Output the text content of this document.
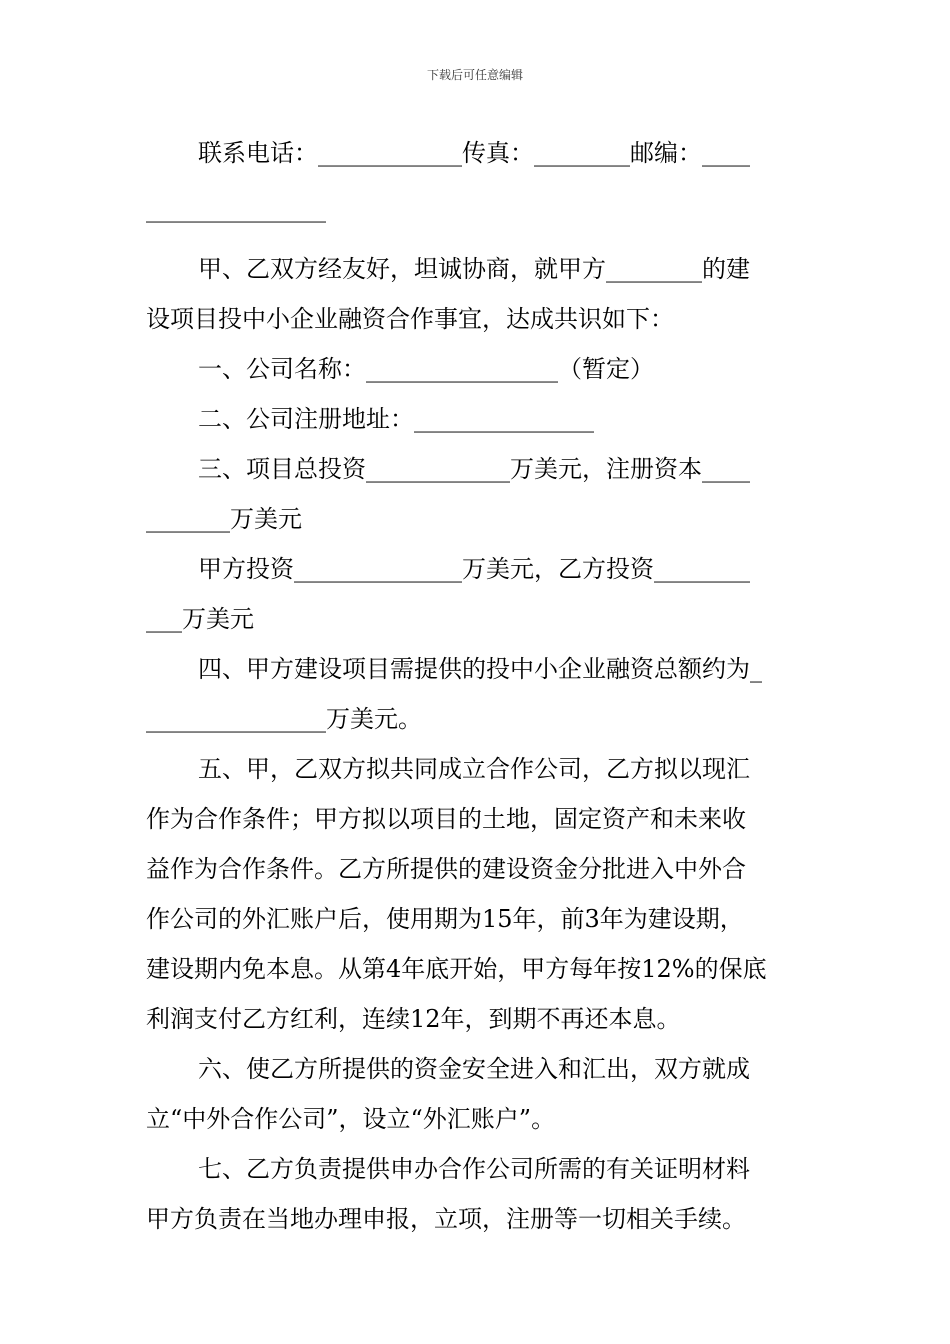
下载后可任意编辑

联系电话：____________传真：________邮编：____

_______________

甲、乙双方经友好，坦诚协商，就甲方________的建

设项目投中小企业融资合作事宜，达成共识如下：

一、公司名称：________________（暂定）

二、公司注册地址：_______________

三、项目总投资____________万美元，注册资本____

_______万美元

甲方投资______________万美元，乙方投资________

___万美元

四、甲方建设项目需提供的投中小企业融资总额约为_

_______________万美元。

五、甲，乙双方拟共同成立合作公司，乙方拟以现汇

作为合作条件；甲方拟以项目的土地，固定资产和未来收

益作为合作条件。乙方所提供的建设资金分批进入中外合

作公司的外汇账户后，使用期为15年，前3年为建设期，

建设期内免本息。从第4年底开始，甲方每年按12%的保底

利润支付乙方红利，连续12年，到期不再还本息。

六、使乙方所提供的资金安全进入和汇出，双方就成

立“中外合作公司”，设立“外汇账户”。

七、乙方负责提供申办合作公司所需的有关证明材料

甲方负责在当地办理申报，立项，注册等一切相关手续。
